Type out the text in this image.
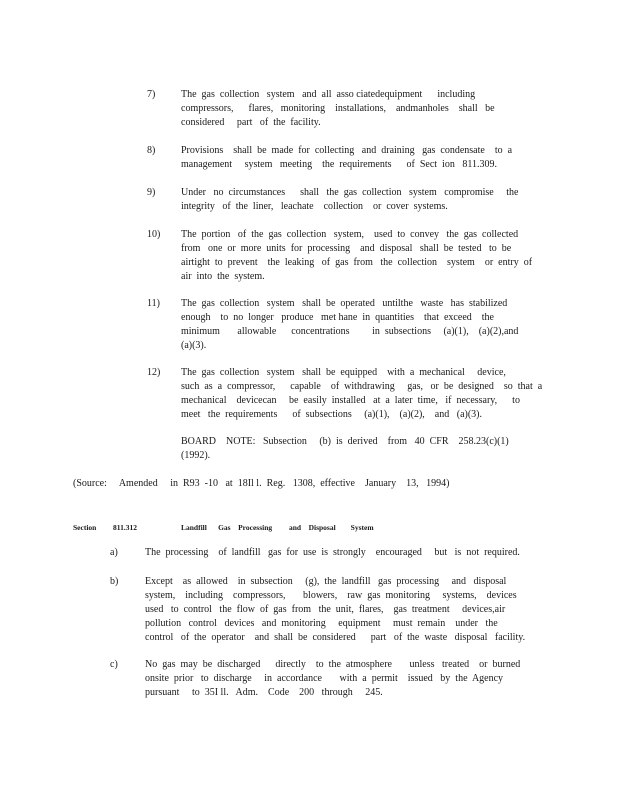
7)	The  gas  collection   system   and  all  asso ciatedequipment      including
compressors,      flares,   monitoring    installations,    andmanholes    shall   be
considered     part   of  the  facility.
8)	Provisions    shall  be  made  for  collecting   and  draining   gas  condensate    to  a
management     system   meeting    the  requirements      of  Sect  ion   811.309.
9)	Under   no  circumstances      shall   the  gas  collection   system   compromise     the
integrity   of  the  liner,   leachate    collection    or  cover  systems.
10)	The  portion   of  the  gas  collection   system,    used  to  convey   the  gas  collected
from   one  or  more  units  for  processing    and  disposal   shall  be  tested   to  be
airtight  to  prevent    the  leaking   of  gas  from   the  collection    system    or  entry  of
air  into  the  system.
11)	The  gas  collection   system   shall  be  operated   untilthe   waste   has  stabilized
enough    to  no  longer   produce   met hane  in  quantities    that  exceed    the
minimum       allowable      concentrations         in  subsections     (a)(1),    (a)(2),and
(a)(3).
12)	The  gas  collection   system   shall  be  equipped    with  a  mechanical     device,
such  as  a  compressor,      capable    of  withdrawing     gas,   or  be  designed    so  that  a
mechanical    devicecan     be  easily  installed   at  a  later  time,   if  necessary,      to
meet   the  requirements      of  subsections     (a)(1),    (a)(2),    and   (a)(3).
BOARD    NOTE:   Subsection     (b)  is  derived    from   40  CFR    258.23(c)(1)
(1992).
(Source:     Amended     in  R93  -10   at  18Il l.  Reg.   1308,  effective    January    13,   1994)
Section 811.312	Landfill      Gas    Processing         and    Disposal        System
a)	The  processing    of  landfill   gas  for  use  is  strongly    encouraged     but   is  not  required.
b)	Except    as  allowed    in  subsection     (g),  the  landfill   gas  processing     and   disposal
system,    including    compressors,       blowers,    raw  gas  monitoring     systems,    devices
used   to  control   the  flow  of  gas  from   the  unit,  flares,    gas  treatment     devices,air
pollution   control   devices   and  monitoring     equipment     must  remain    under   the
control   of  the  operator    and  shall  be  considered      part   of  the  waste   disposal   facility.
c)	No  gas  may  be  discharged      directly    to  the  atmosphere       unless   treated    or  burned
onsite  prior   to  discharge     in  accordance       with  a  permit    issued   by  the  Agency
pursuant     to  35I ll.   Adm.    Code    200   through     245.
